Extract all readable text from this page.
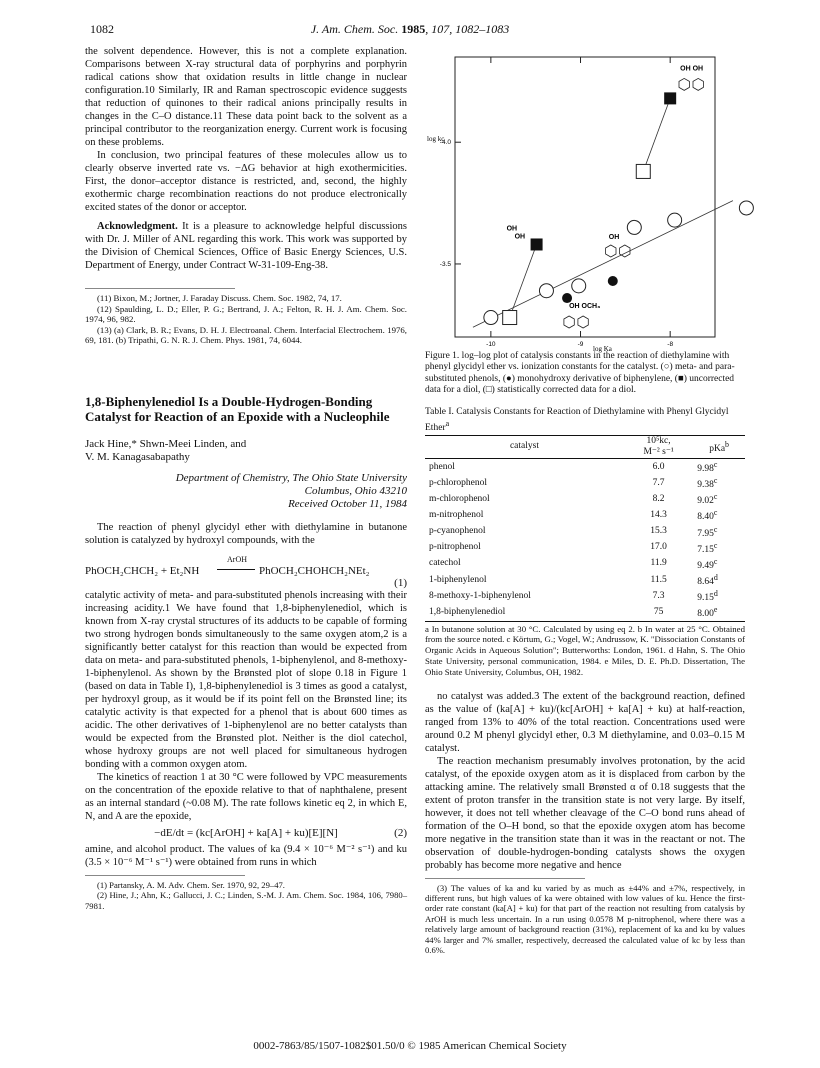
1082	J. Am. Chem. Soc. 1985, 107, 1082–1083

the solvent dependence. However, this is not a complete explanation. Comparisons between X-ray structural data of porphyrins and porphyrin radical cations show that oxidation results in little change in nuclear configuration.10 Similarly, IR and Raman spectroscopic evidence suggests that reduction of quinones to their radical anions principally results in changes in the C–O distance.11 These data point back to the solvent as a principal contributor to the reorganization energy. Current work is focusing on these problems.

In conclusion, two principal features of these molecules allow us to clearly observe inverted rate vs. −ΔG behavior at high exothermicities. First, the donor–acceptor distance is restricted, and, second, the highly exothermic charge recombination reactions do not produce electronically excited states of the donor or acceptor.

Acknowledgment. It is a pleasure to acknowledge helpful discussions with Dr. J. Miller of ANL regarding this work. This work was supported by the Division of Chemical Sciences, Office of Basic Energy Sciences, U.S. Department of Energy, under Contract W-31-109-Eng-38.

(11) Bixon, M.; Jortner, J. Faraday Discuss. Chem. Soc. 1982, 74, 17.

(12) Spaulding, L. D.; Eller, P. G.; Bertrand, J. A.; Felton, R. H. J. Am. Chem. Soc. 1974, 96, 982.

(13) (a) Clark, B. R.; Evans, D. H. J. Electroanal. Chem. Interfacial Electrochem. 1976, 69, 181. (b) Tripathi, G. N. R. J. Chem. Phys. 1981, 74, 6044.

1,8-Biphenylenediol Is a Double-Hydrogen-Bonding Catalyst for Reaction of an Epoxide with a Nucleophile
Jack Hine,* Shwn-Meei Linden, and
V. M. Kanagasabapathy
Department of Chemistry, The Ohio State University
Columbus, Ohio 43210
Received October 11, 1984

The reaction of phenyl glycidyl ether with diethylamine in butanone solution is catalyzed by hydroxyl compounds, with the

PhOCH₂CHCH₂ + Et₂NH
ArOH
PhOCH₂CHOHCH₂NEt₂
(1)

catalytic activity of meta- and para-substituted phenols increasing with their increasing acidity.1 We have found that 1,8-biphenylenediol, which is known from X-ray crystal structures of its adducts to be capable of forming two strong hydrogen bonds simultaneously to the same oxygen atom,2 is a significantly better catalyst for this reaction than would be expected from data on meta- and para-substituted phenols, 1-biphenylenol, and 8-methoxy-1-biphenylenol. As shown by the Brønsted plot of slope 0.18 in Figure 1 (based on data in Table I), 1,8-biphenylenediol is 3 times as good a catalyst, per hydroxyl group, as it would be if its point fell on the Brønsted line; its catalytic activity is that expected for a phenol that is about 600 times as acidic. The other derivatives of 1-biphenylenol are no better catalysts than would be expected from the Brønsted plot. Neither is the diol catechol, whose hydroxy groups are not well placed for simultaneous hydrogen bonding with a common oxygen atom.

The kinetics of reaction 1 at 30 °C were followed by VPC measurements on the concentration of the epoxide relative to that of naphthalene, present as an internal standard (~0.08 M). The rate follows kinetic eq 2, in which E, N, and A are the epoxide,

−dE/dt = (kc[ArOH] + ka[A] + ku)[E][N]	(2)

amine, and alcohol product. The values of ka (9.4 × 10⁻⁶ M⁻² s⁻¹) and ku (3.5 × 10⁻⁶ M⁻¹ s⁻¹) were obtained from runs in which

(1) Partansky, A. M. Adv. Chem. Ser. 1970, 92, 29–47.

(2) Hine, J.; Ahn, K.; Gallucci, J. C.; Linden, S.-M. J. Am. Chem. Soc. 1984, 106, 7980–7981.

-3.5
-4.0
-10	-9	-8
log kc
log Ka
OH OH
OH
OH
OH
OH OCH₃
Figure 1. log–log plot of catalysis constants in the reaction of diethylamine with phenyl glycidyl ether vs. ionization constants for the catalyst. (○) meta- and para-substituted phenols, (●) monohydroxy derivative of biphenylene, (■) uncorrected data for a diol, (□) statistically corrected data for a diol.
Table I. Catalysis Constants for Reaction of Diethylamine with Phenyl Glycidyl Ether$^a$
catalyst	10⁵kc,	pKa$^b$
	M⁻² s⁻¹	
phenol	6.0	9.98$^c$
p-chlorophenol	7.7	9.38$^c$
m-chlorophenol	8.2	9.02$^c$
m-nitrophenol	14.3	8.40$^c$
p-cyanophenol	15.3	7.95$^c$
p-nitrophenol	17.0	7.15$^c$
catechol	11.9	9.49$^c$
1-biphenylenol	11.5	8.64$^d$
8-methoxy-1-biphenylenol	7.3	9.15$^d$
1,8-biphenylenediol	75	8.00e
a In butanone solution at 30 °C. Calculated by using eq 2. b In water at 25 °C. Obtained from the source noted. c Körtum, G.; Vogel, W.; Andrussow, K. "Dissociation Constants of Organic Acids in Aqueous Solution"; Butterworths: London, 1961. d Hahn, S. The Ohio State University, personal communication, 1984. e Miles, D. E. Ph.D. Dissertation, The Ohio State University, Columbus, OH, 1982.

no catalyst was added.3 The extent of the background reaction, defined as the value of (ka[A] + ku)/(kc[ArOH] + ka[A] + ku) at half-reaction, ranged from 13% to 40% of the total reaction. Concentrations used were around 0.2 M phenyl glycidyl ether, 0.3 M diethylamine, and 0.03–0.15 M catalyst.

The reaction mechanism presumably involves protonation, by the acid catalyst, of the epoxide oxygen atom as it is displaced from carbon by the attacking amine. The relatively small Brønsted α of 0.18 suggests that the extent of proton transfer in the transition state is not very large. By itself, however, it does not tell whether cleavage of the C–O bond runs ahead of formation of the O–H bond, so that the epoxide oxygen atom has become more negative in the transition state than it was in the reactant or not. The observation of double-hydrogen-bonding catalysts shows the oxygen probably has become more negative and hence

(3) The values of ka and ku varied by as much as ±44% and ±7%, respectively, in different runs, but high values of ka were obtained with low values of ku. Hence the first-order rate constant (ka[A] + ku) for that part of the reaction not resulting from catalysis by ArOH is much less uncertain. In a run using 0.0578 M p-nitrophenol, where there was a relatively large amount of background reaction (31%), replacement of ka and ku by values 44% larger and 7% smaller, respectively, decreased the calculated value of kc by less than 0.6%.

0002-7863/85/1507-1082$01.50/0 © 1985 American Chemical Society
